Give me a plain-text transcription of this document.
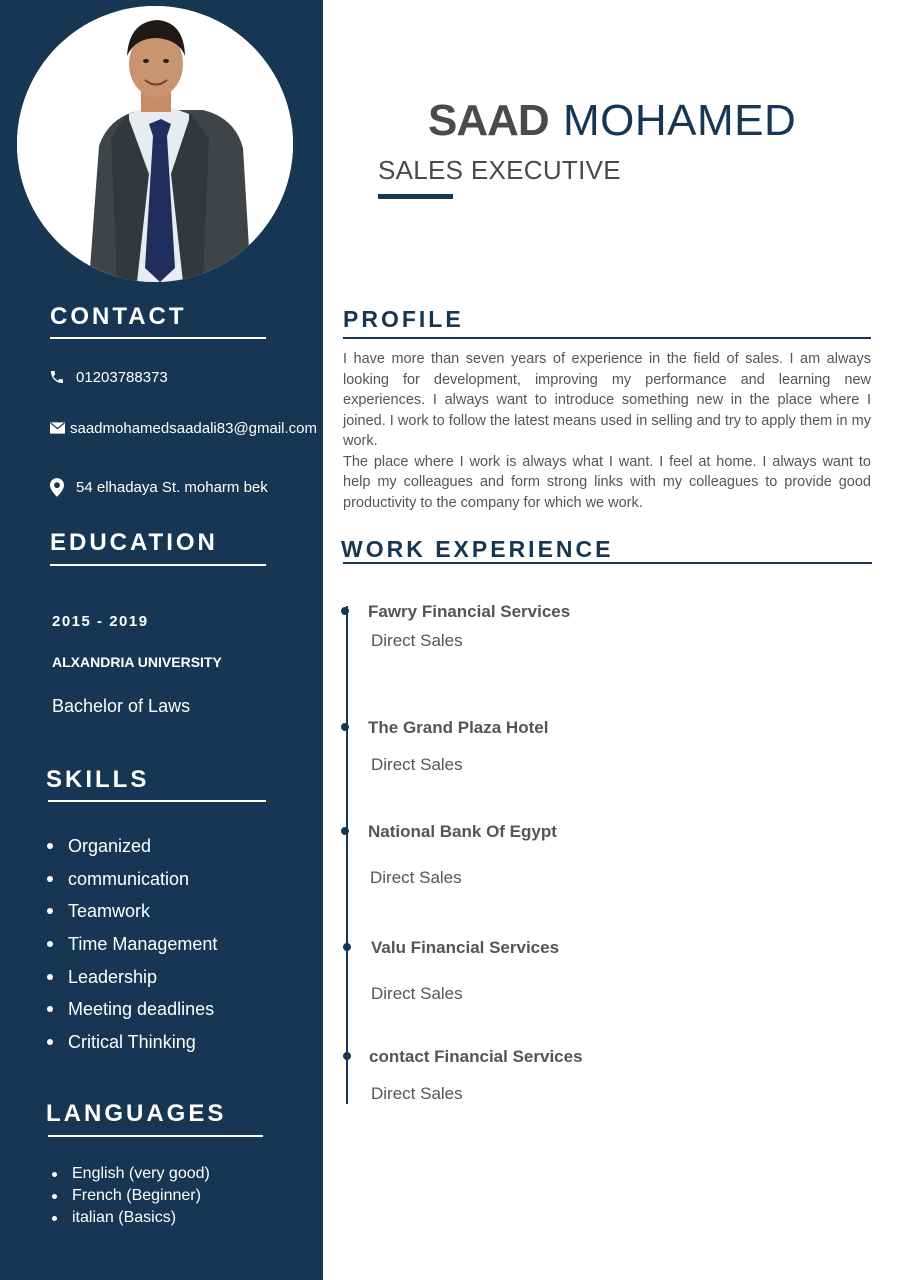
CONTACT
01203788373
saadmohamedsaadali83@gmail.com
54 elhadaya St. moharm bek
EDUCATION
2015 - 2019
ALXANDRIA UNIVERSITY
Bachelor of Laws
SKILLS
Organized
communication
Teamwork
Time Management
Leadership
Meeting deadlines
Critical Thinking
LANGUAGES
English (very good)
French (Beginner)
italian (Basics)
SAAD MOHAMED
SALES EXECUTIVE
PROFILE

I have more than seven years of experience in the field of sales. I am always looking for development, improving my performance and learning new experiences. I always want to introduce something new in the place where I joined. I work to follow the latest means used in selling and try to apply them in my work.

The place where I work is always what I want. I feel at home. I always want to help my colleagues and form strong links with my colleagues to provide good productivity to the company for which we work.

WORK EXPERIENCE
Fawry Financial Services
Direct Sales
The Grand Plaza Hotel
Direct Sales
National Bank Of Egypt
Direct Sales
Valu Financial Services
Direct Sales
contact Financial Services
Direct Sales
